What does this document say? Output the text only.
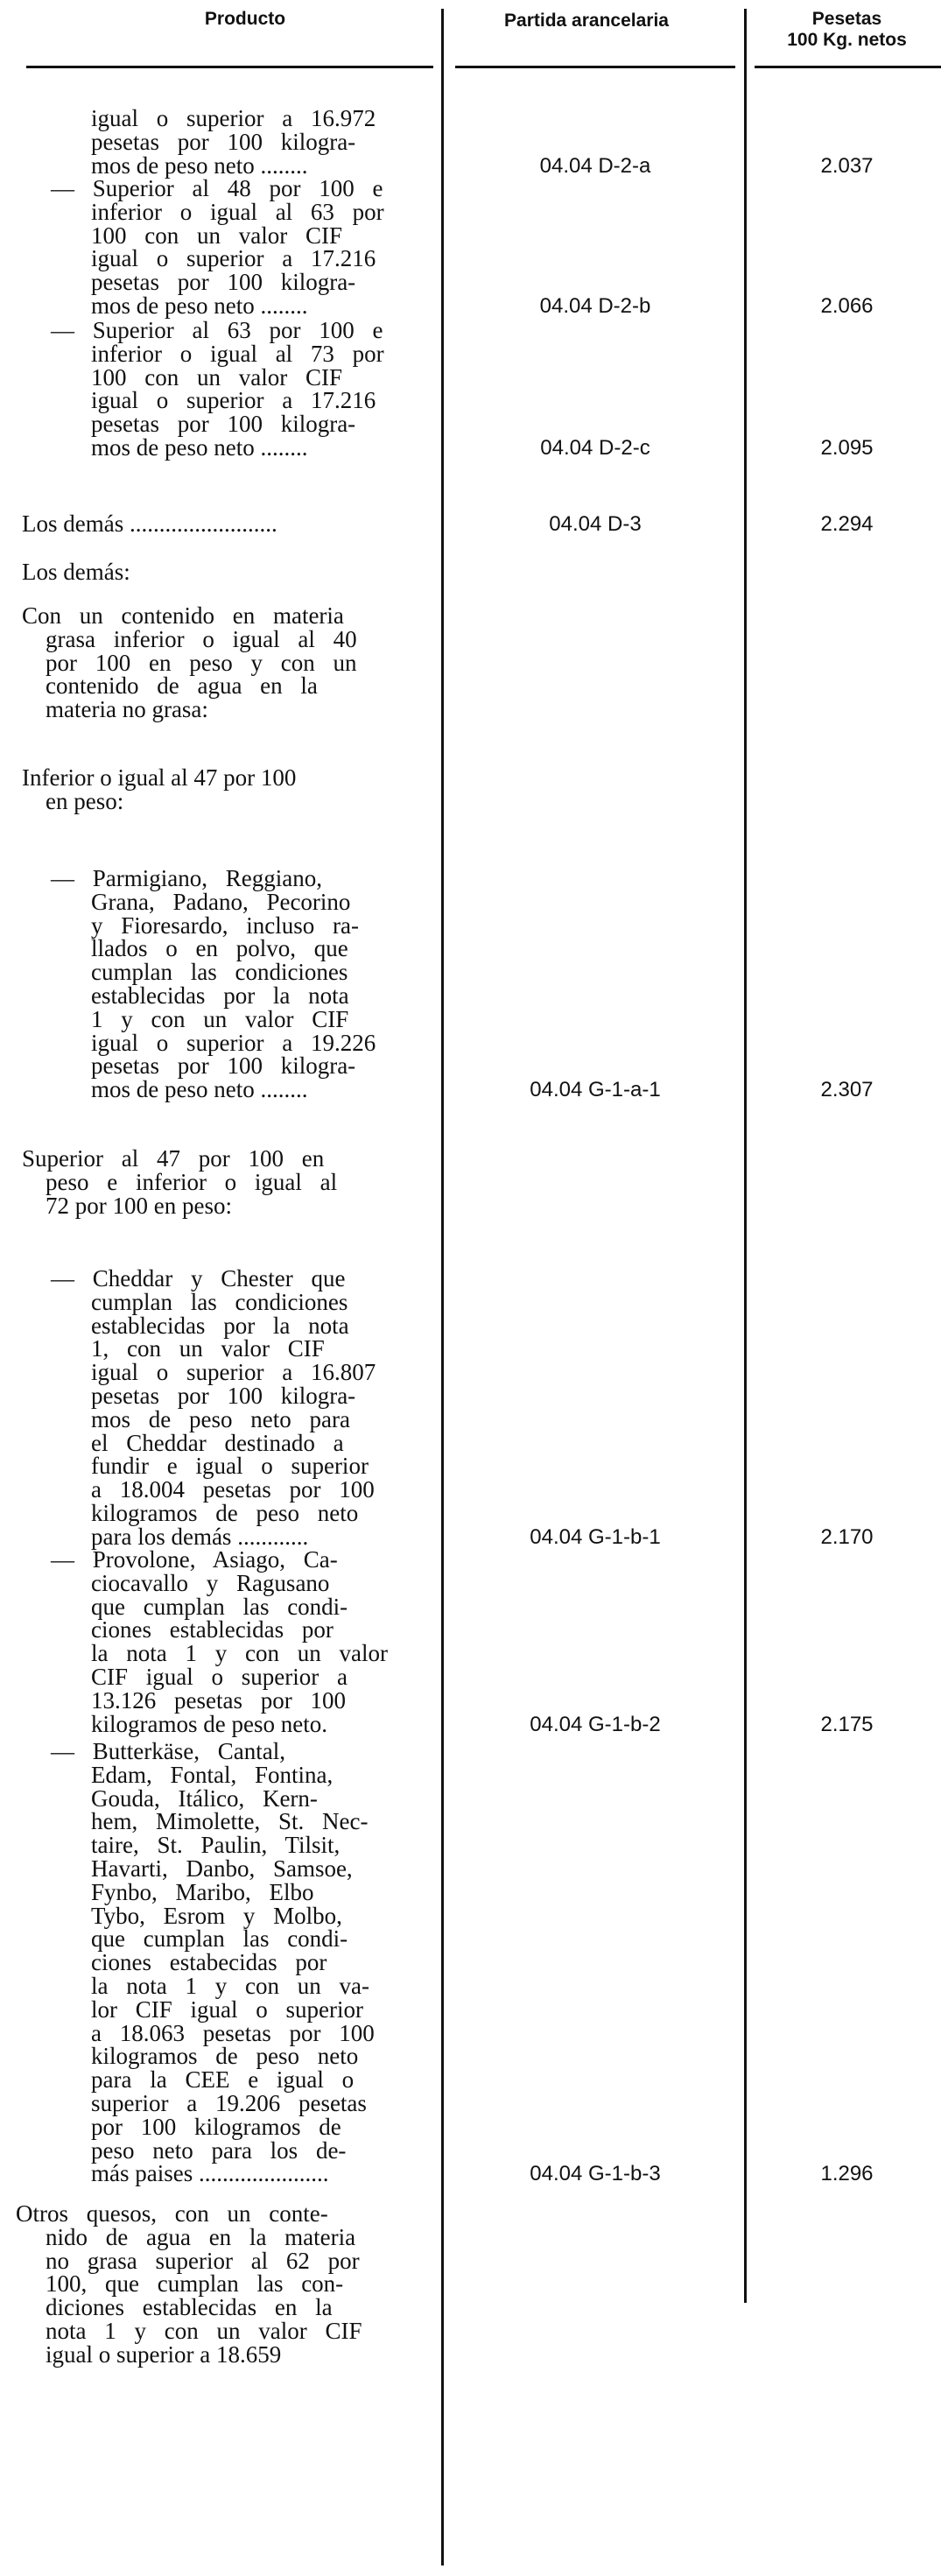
Producto	Partida arancelaria	Pesetas
100 Kg. netos
igual o superior a 16.972
pesetas por 100 kilogra-
mos de peso neto ........
— Superior al 48 por 100 e
inferior o igual al 63 por
100 con un valor CIF
igual o superior a 17.216
pesetas por 100 kilogra-
mos de peso neto ........
— Superior al 63 por 100 e
inferior o igual al 73 por
100 con un valor CIF
igual o superior a 17.216
pesetas por 100 kilogra-
mos de peso neto ........
Los demás .........................
Los demás:
Con un contenido en materia
grasa inferior o igual al 40
por 100 en peso y con un
contenido de agua en la
materia no grasa:
Inferior o igual al 47 por 100
en peso:
— Parmigiano, Reggiano,
Grana, Padano, Pecorino
y Fioresardo, incluso ra-
llados o en polvo, que
cumplan las condiciones
establecidas por la nota
1 y con un valor CIF
igual o superior a 19.226
pesetas por 100 kilogra-
mos de peso neto ........
Superior al 47 por 100 en
peso e inferior o igual al
72 por 100 en peso:
— Cheddar y Chester que
cumplan las condiciones
establecidas por la nota
1, con un valor CIF
igual o superior a 16.807
pesetas por 100 kilogra-
mos de peso neto para
el Cheddar destinado a
fundir e igual o superior
a 18.004 pesetas por 100
kilogramos de peso neto
para los demás ............
— Provolone, Asiago, Ca-
ciocavallo y Ragusano
que cumplan las condi-
ciones establecidas por
la nota 1 y con un valor
CIF igual o superior a
13.126 pesetas por 100
kilogramos de peso neto.
— Butterkäse, Cantal,
Edam, Fontal, Fontina,
Gouda, Itálico, Kern-
hem, Mimolette, St. Nec-
taire, St. Paulin, Tilsit,
Havarti, Danbo, Samsoe,
Fynbo, Maribo, Elbo
Tybo, Esrom y Molbo,
que cumplan las condi-
ciones estabecidas por
la nota 1 y con un va-
lor CIF igual o superior
a 18.063 pesetas por 100
kilogramos de peso neto
para la CEE e igual o
superior a 19.206 pesetas
por 100 kilogramos de
peso neto para los de-
más paises ......................
Otros quesos, con un conte-
nido de agua en la materia
no grasa superior al 62 por
100, que cumplan las con-
diciones establecidas en la
nota 1 y con un valor CIF
igual o superior a 18.659
04.04 D-2-a
04.04 D-2-b
04.04 D-2-c
04.04 D-3
04.04 G-1-a-1
04.04 G-1-b-1
04.04 G-1-b-2
04.04 G-1-b-3
2.037
2.066
2.095
2.294
2.307
2.170
2.175
1.296
